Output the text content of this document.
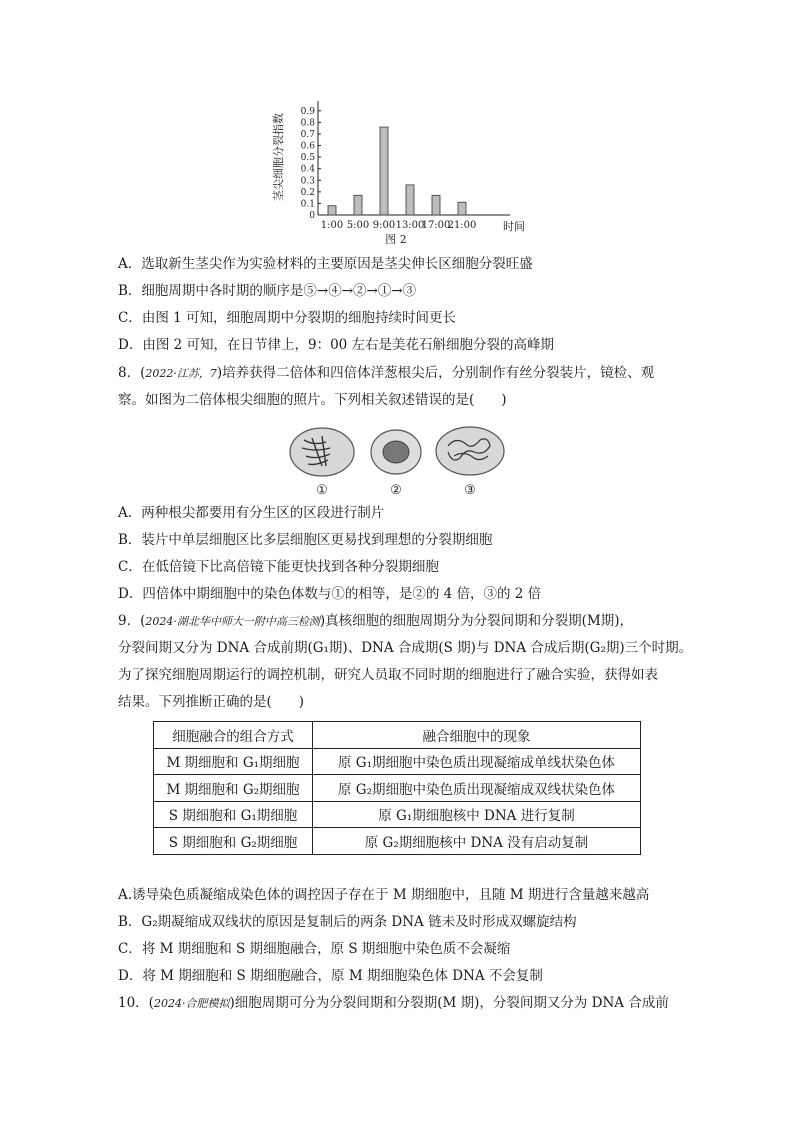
茎尖细胞分裂指数
0
0.1
0.2
0.3
0.4
0.5
0.6
0.7
0.8
0.9
1:00 5:00 9:00 13:00
17:00
21:00 时间
图 2
A．选取新生茎尖作为实验材料的主要原因是茎尖伸长区细胞分裂旺盛
B．细胞周期中各时期的顺序是⑤→④→②→①→③
C．由图 1 可知，细胞周期中分裂期的细胞持续时间更长
D．由图 2 可知，在日节律上，9：00 左右是美花石斛细胞分裂的高峰期
8．(2022·江苏，7)培养获得二倍体和四倍体洋葱根尖后，分别制作有丝分裂装片，镜检、观
察。如图为二倍体根尖细胞的照片。下列相关叙述错误的是(　　)
①	②	③
A．两种根尖都要用有分生区的区段进行制片
B．装片中单层细胞区比多层细胞区更易找到理想的分裂期细胞
C．在低倍镜下比高倍镜下能更快找到各种分裂期细胞
D．四倍体中期细胞中的染色体数与①的相等，是②的 4 倍，③的 2 倍
9．(2024·湖北华中师大一附中高三检测)真核细胞的细胞周期分为分裂间期和分裂期(M期)，
分裂间期又分为 DNA 合成前期(G₁期)、DNA 合成期(S 期)与 DNA 合成后期(G₂期)三个时期。
为了探究细胞周期运行的调控机制，研究人员取不同时期的细胞进行了融合实验，获得如表
结果。下列推断正确的是(　　)
细胞融合的组合方式	融合细胞中的现象
M 期细胞和 G₁期细胞	原 G₁期细胞中染色质出现凝缩成单线状染色体
M 期细胞和 G₂期细胞	原 G₂期细胞中染色质出现凝缩成双线状染色体
S 期细胞和 G₁期细胞	原 G₁期细胞核中 DNA 进行复制
S 期细胞和 G₂期细胞	原 G₂期细胞核中 DNA 没有启动复制
A.诱导染色质凝缩成染色体的调控因子存在于 M 期细胞中，且随 M 期进行含量越来越高
B．G₂期凝缩成双线状的原因是复制后的两条 DNA 链未及时形成双螺旋结构
C．将 M 期细胞和 S 期细胞融合，原 S 期细胞中染色质不会凝缩
D．将 M 期细胞和 S 期细胞融合，原 M 期细胞染色体 DNA 不会复制
10．(2024·合肥模拟)细胞周期可分为分裂间期和分裂期(M 期)，分裂间期又分为 DNA 合成前
